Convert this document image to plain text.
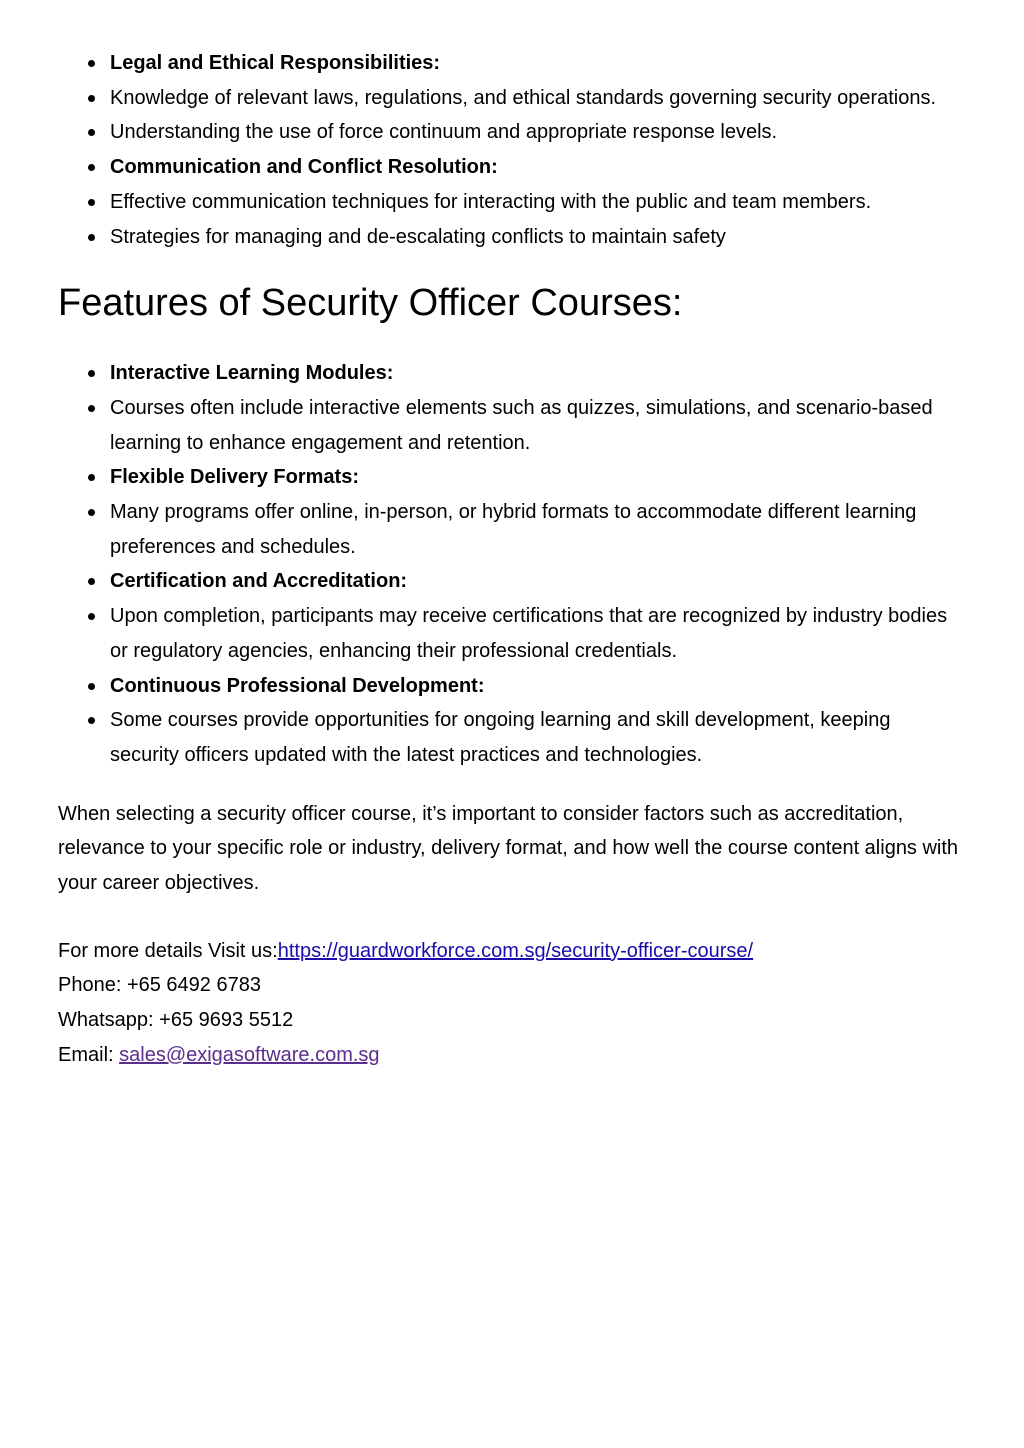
Legal and Ethical Responsibilities:
Knowledge of relevant laws, regulations, and ethical standards governing security operations.
Understanding the use of force continuum and appropriate response levels.
Communication and Conflict Resolution:
Effective communication techniques for interacting with the public and team members.
Strategies for managing and de-escalating conflicts to maintain safety
Features of Security Officer Courses:
Interactive Learning Modules:
Courses often include interactive elements such as quizzes, simulations, and scenario-based learning to enhance engagement and retention.
Flexible Delivery Formats:
Many programs offer online, in-person, or hybrid formats to accommodate different learning preferences and schedules.
Certification and Accreditation:
Upon completion, participants may receive certifications that are recognized by industry bodies or regulatory agencies, enhancing their professional credentials.
Continuous Professional Development:
Some courses provide opportunities for ongoing learning and skill development, keeping security officers updated with the latest practices and technologies.

When selecting a security officer course, it’s important to consider factors such as accreditation, relevance to your specific role or industry, delivery format, and how well the course content aligns with your career objectives.

For more details Visit us:https://guardworkforce.com.sg/security-officer-course/
Phone: +65 6492 6783
Whatsapp: +65 9693 5512
Email: sales@exigasoftware.com.sg
